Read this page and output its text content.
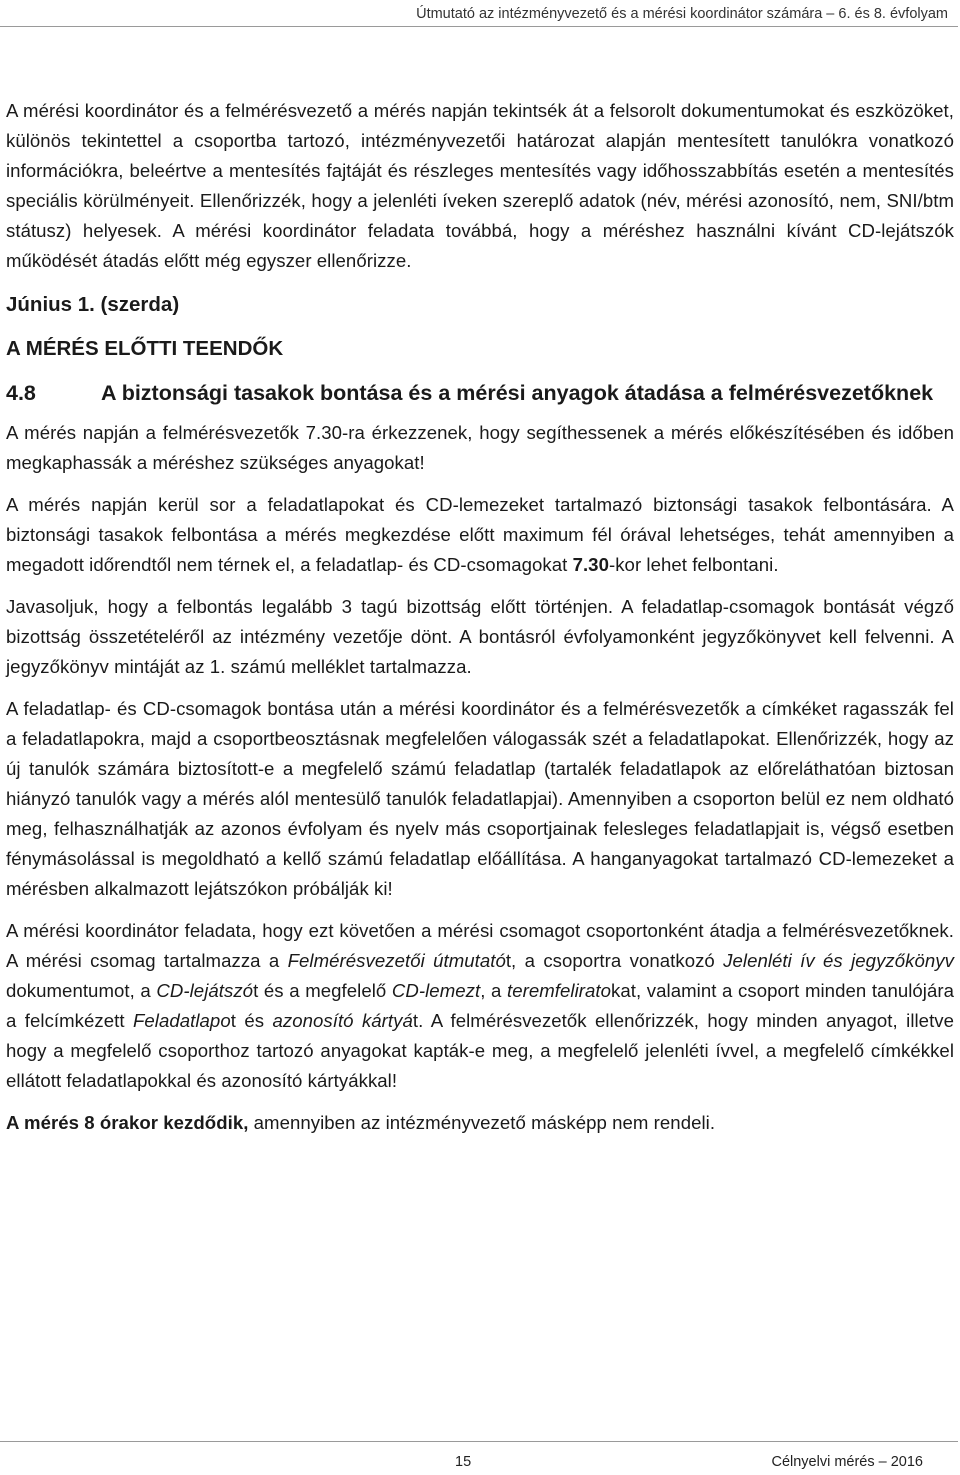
Útmutató az intézményvezető és a mérési koordinátor számára – 6. és 8. évfolyam

A mérési koordinátor és a felmérésvezető a mérés napján tekintsék át a felsorolt dokumentumokat és eszközöket, különös tekintettel a csoportba tartozó, intézményvezetői határozat alapján mentesített tanulókra vonatkozó információkra, beleértve a mentesítés fajtáját és részleges mentesítés vagy időhosszabbítás esetén a mentesítés speciális körülményeit. Ellenőrizzék, hogy a jelenléti íveken szereplő adatok (név, mérési azonosító, nem, SNI/btm státusz) helyesek. A mérési koordinátor feladata továbbá, hogy a méréshez használni kívánt CD-lejátszók működését átadás előtt még egyszer ellenőrizze.

Június 1. (szerda)
A MÉRÉS ELŐTTI TEENDŐK
4.8	A biztonsági tasakok bontása és a mérési anyagok átadása a felmérésvezetőknek

A mérés napján a felmérésvezetők 7.30-ra érkezzenek, hogy segíthessenek a mérés előkészítésében és időben megkaphassák a méréshez szükséges anyagokat!

A mérés napján kerül sor a feladatlapokat és CD-lemezeket tartalmazó biztonsági tasakok felbontására. A biztonsági tasakok felbontása a mérés megkezdése előtt maximum fél órával lehetséges, tehát amennyiben a megadott időrendtől nem térnek el, a feladatlap- és CD-csomagokat 7.30-kor lehet felbontani.

Javasoljuk, hogy a felbontás legalább 3 tagú bizottság előtt történjen. A feladatlap-csomagok bontását végző bizottság összetételéről az intézmény vezetője dönt. A bontásról évfolyamonként jegyzőkönyvet kell felvenni. A jegyzőkönyv mintáját az 1. számú melléklet tartalmazza.

A feladatlap- és CD-csomagok bontása után a mérési koordinátor és a felmérésvezetők a címkéket ragasszák fel a feladatlapokra, majd a csoportbeosztásnak megfelelően válogassák szét a feladatlapokat. Ellenőrizzék, hogy az új tanulók számára biztosított-e a megfelelő számú feladatlap (tartalék feladatlapok az előreláthatóan biztosan hiányzó tanulók vagy a mérés alól mentesülő tanulók feladatlapjai). Amennyiben a csoporton belül ez nem oldható meg, felhasználhatják az azonos évfolyam és nyelv más csoportjainak felesleges feladatlapjait is, végső esetben fénymásolással is megoldható a kellő számú feladatlap előállítása. A hanganyagokat tartalmazó CD-lemezeket a mérésben alkalmazott lejátszókon próbálják ki!

A mérési koordinátor feladata, hogy ezt követően a mérési csomagot csoportonként átadja a felmérésvezetőknek. A mérési csomag tartalmazza a Felmérésvezetői útmutatót, a csoportra vonatkozó Jelenléti ív és jegyzőkönyv dokumentumot, a CD-lejátszót és a megfelelő CD-lemezt, a teremfeliratokat, valamint a csoport minden tanulójára a felcímkézett Feladatlapot és azonosító kártyát. A felmérésvezetők ellenőrizzék, hogy minden anyagot, illetve hogy a megfelelő csoporthoz tartozó anyagokat kapták-e meg, a megfelelő jelenléti ívvel, a megfelelő címkékkel ellátott feladatlapokkal és azonosító kártyákkal!

A mérés 8 órakor kezdődik, amennyiben az intézményvezető másképp nem rendeli.

15	Célnyelvi mérés – 2016
